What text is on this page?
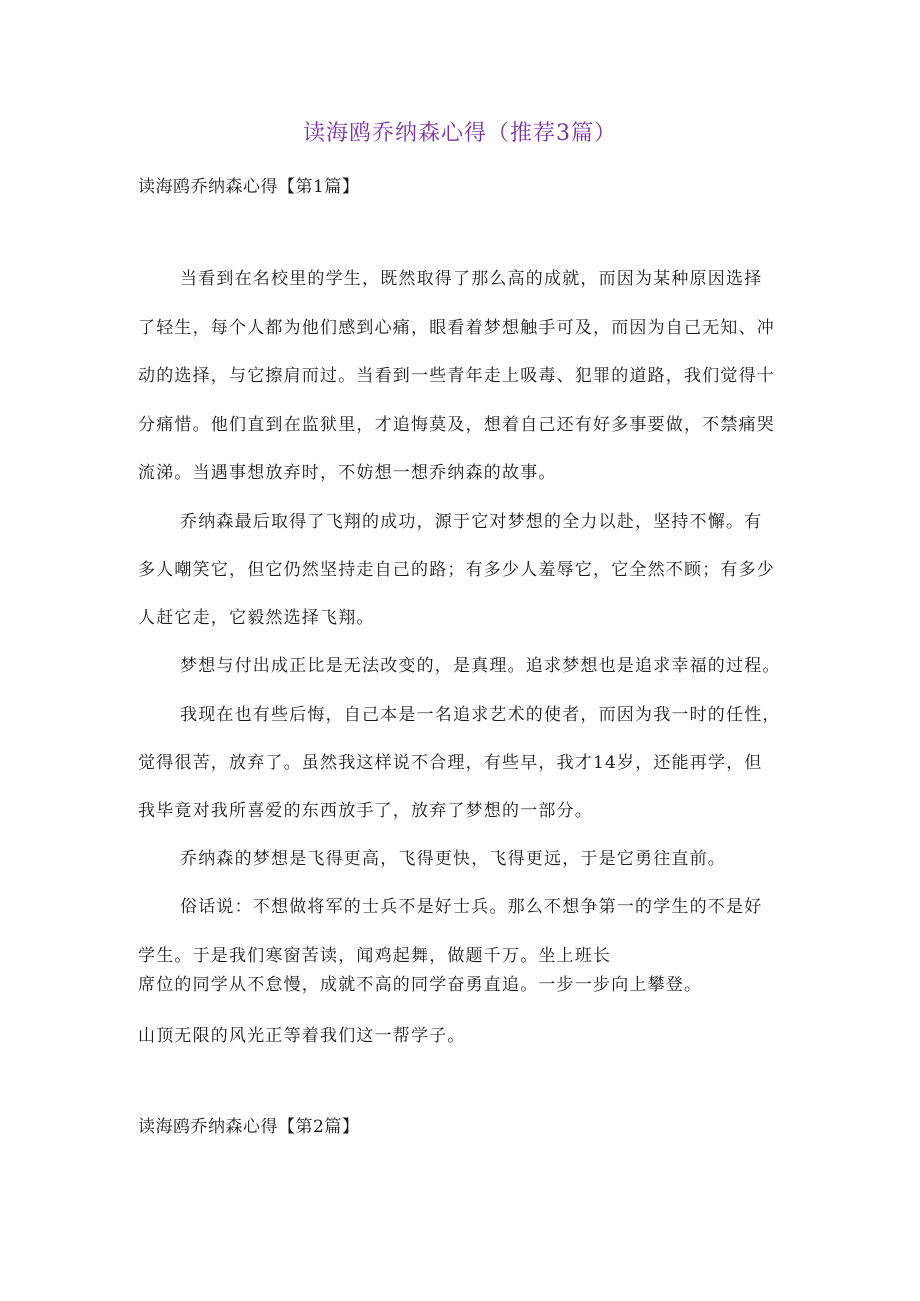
读海鸥乔纳森心得（推荐3篇）
读海鸥乔纳森心得【第1篇】
当看到在名校里的学生，既然取得了那么高的成就，而因为某种原因选择
了轻生，每个人都为他们感到心痛，眼看着梦想触手可及，而因为自己无知、冲
动的选择，与它擦肩而过。当看到一些青年走上吸毒、犯罪的道路，我们觉得十
分痛惜。他们直到在监狱里，才追悔莫及，想着自己还有好多事要做，不禁痛哭
流涕。当遇事想放弃时，不妨想一想乔纳森的故事。
乔纳森最后取得了飞翔的成功，源于它对梦想的全力以赴，坚持不懈。有
多人嘲笑它，但它仍然坚持走自己的路；有多少人羞辱它，它全然不顾；有多少
人赶它走，它毅然选择飞翔。
梦想与付出成正比是无法改变的，是真理。追求梦想也是追求幸福的过程。
我现在也有些后悔，自己本是一名追求艺术的使者，而因为我一时的任性，
觉得很苦，放弃了。虽然我这样说不合理，有些早，我才14岁，还能再学，但
我毕竟对我所喜爱的东西放手了，放弃了梦想的一部分。
乔纳森的梦想是飞得更高，飞得更快，飞得更远，于是它勇往直前。
俗话说：不想做将军的士兵不是好士兵。那么不想争第一的学生的不是好
学生。于是我们寒窗苦读，闻鸡起舞，做题千万。坐上班长
席位的同学从不怠慢，成就不高的同学奋勇直追。一步一步向上攀登。
山顶无限的风光正等着我们这一帮学子。
读海鸥乔纳森心得【第2篇】
